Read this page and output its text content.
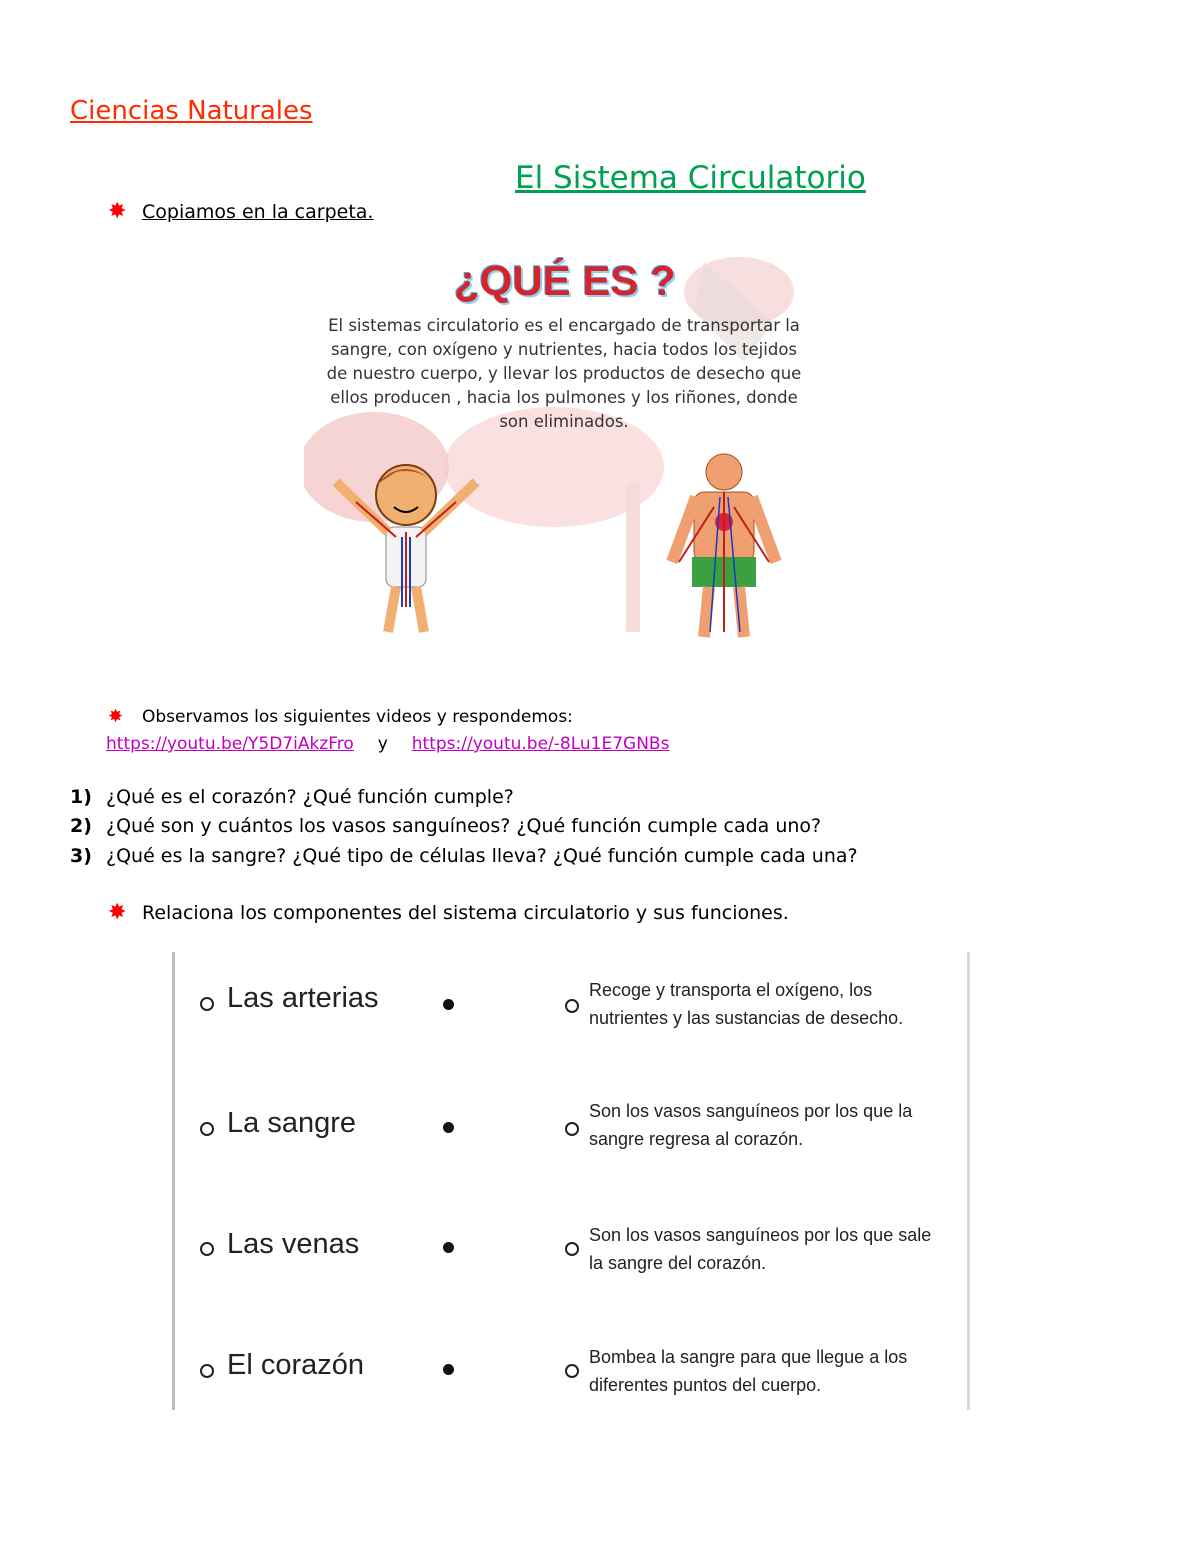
Ciencias Naturales
El Sistema Circulatorio
✸ Copiamos en la carpeta.
¿QUÉ ES ?
El sistemas circulatorio es el encargado de transportar la sangre, con oxígeno y nutrientes, hacia todos los tejidos de nuestro cuerpo, y llevar los productos de desecho que ellos producen , hacia los pulmones y los riñones, donde son eliminados.
✸ Observamos los siguientes videos y respondemos:
https://youtu.be/Y5D7iAkzFro y https://youtu.be/-8Lu1E7GNBs
1) ¿Qué es el corazón? ¿Qué función cumple?
2) ¿Qué son y cuántos los vasos sanguíneos? ¿Qué función cumple cada uno?
3) ¿Qué es la sangre? ¿Qué tipo de células lleva? ¿Qué función cumple cada una?
✸ Relaciona los componentes del sistema circulatorio y sus funciones.
Las arterias	Recoge y transporta el oxígeno, los nutrientes y las sustancias de desecho.
La sangre	Son los vasos sanguíneos por los que la sangre regresa al corazón.
Las venas	Son los vasos sanguíneos por los que sale la sangre del corazón.
El corazón	Bombea la sangre para que llegue a los diferentes puntos del cuerpo.
